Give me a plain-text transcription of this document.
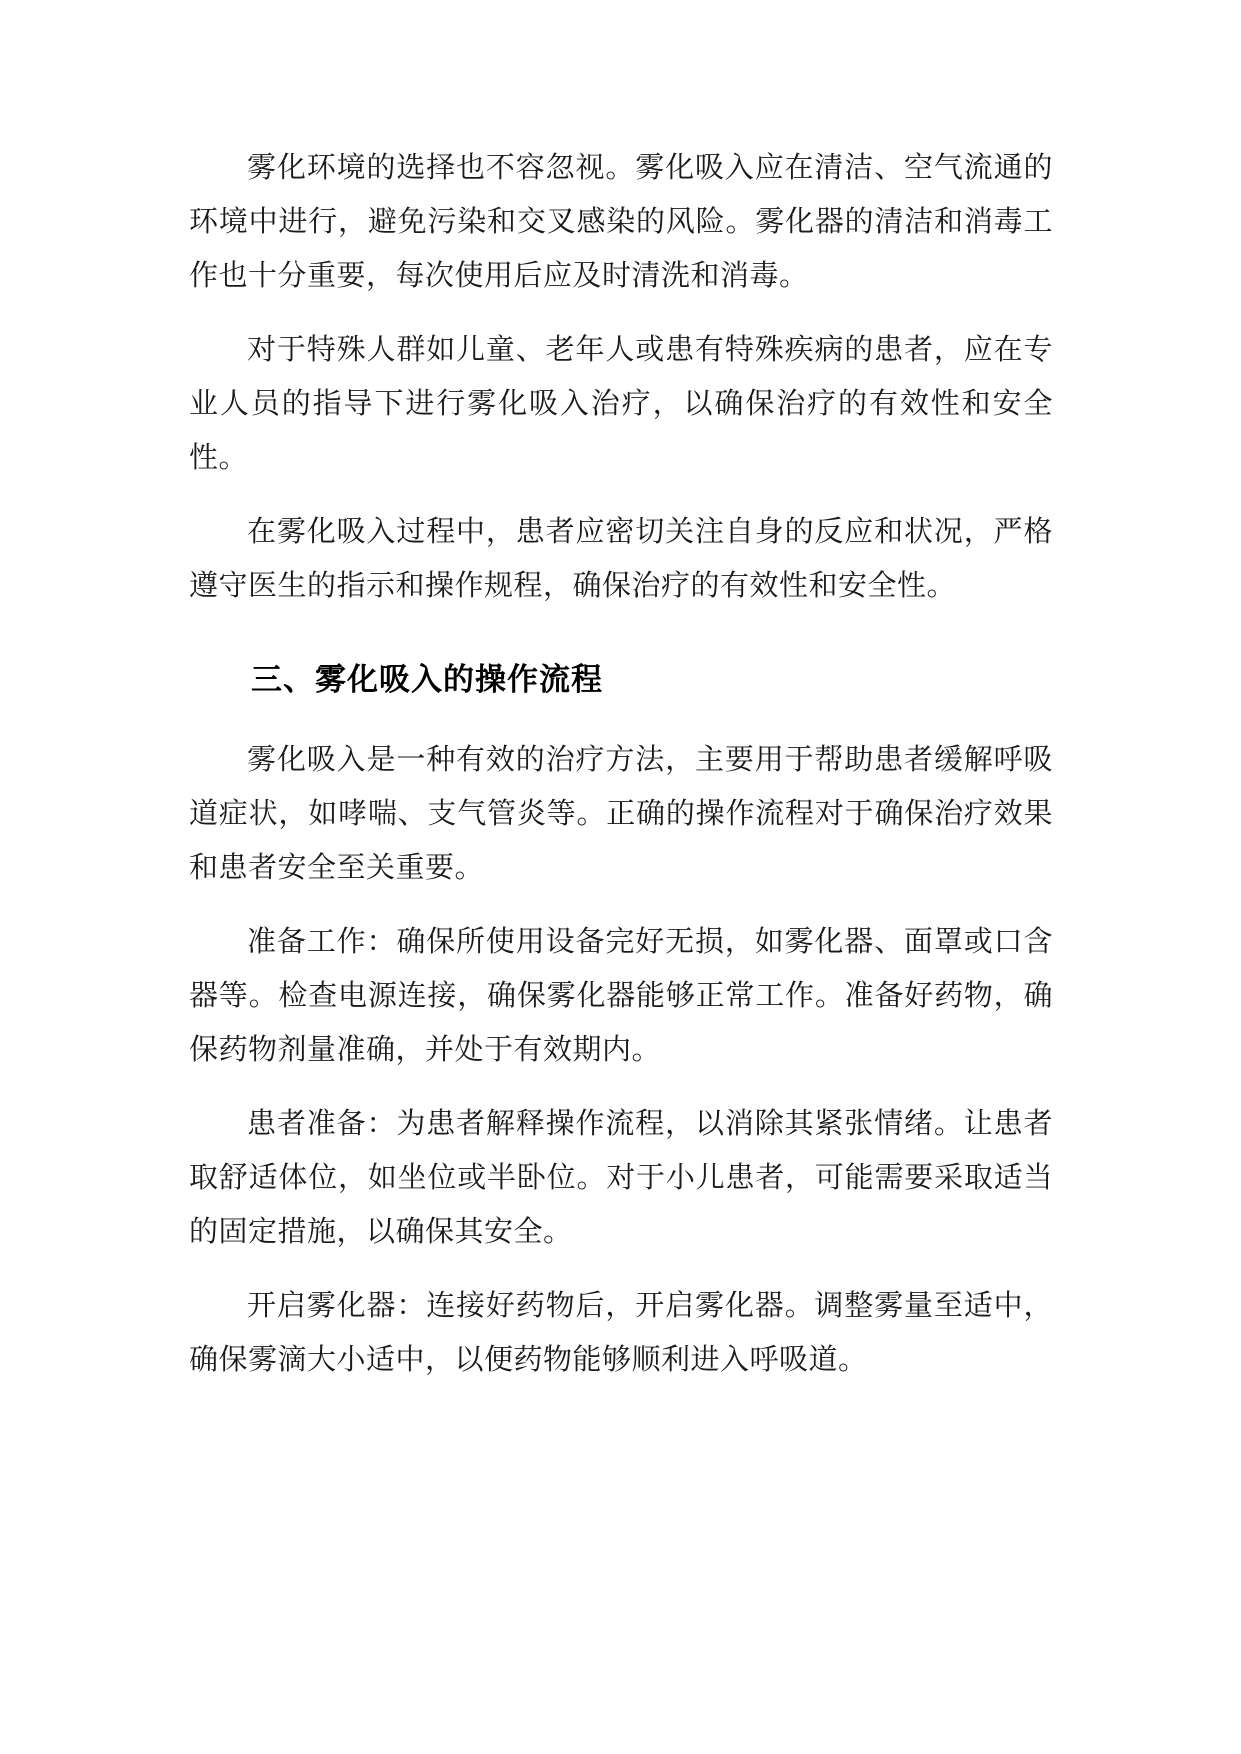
雾化环境的选择也不容忽视。雾化吸入应在清洁、空气流通的环境中进行，避免污染和交叉感染的风险。雾化器的清洁和消毒工作也十分重要，每次使用后应及时清洗和消毒。

对于特殊人群如儿童、老年人或患有特殊疾病的患者，应在专业人员的指导下进行雾化吸入治疗，以确保治疗的有效性和安全性。

在雾化吸入过程中，患者应密切关注自身的反应和状况，严格遵守医生的指示和操作规程，确保治疗的有效性和安全性。

三、雾化吸入的操作流程

雾化吸入是一种有效的治疗方法，主要用于帮助患者缓解呼吸道症状，如哮喘、支气管炎等。正确的操作流程对于确保治疗效果和患者安全至关重要。

准备工作：确保所使用设备完好无损，如雾化器、面罩或口含器等。检查电源连接，确保雾化器能够正常工作。准备好药物，确保药物剂量准确，并处于有效期内。

患者准备：为患者解释操作流程，以消除其紧张情绪。让患者取舒适体位，如坐位或半卧位。对于小儿患者，可能需要采取适当的固定措施，以确保其安全。

开启雾化器：连接好药物后，开启雾化器。调整雾量至适中，确保雾滴大小适中，以便药物能够顺利进入呼吸道。
